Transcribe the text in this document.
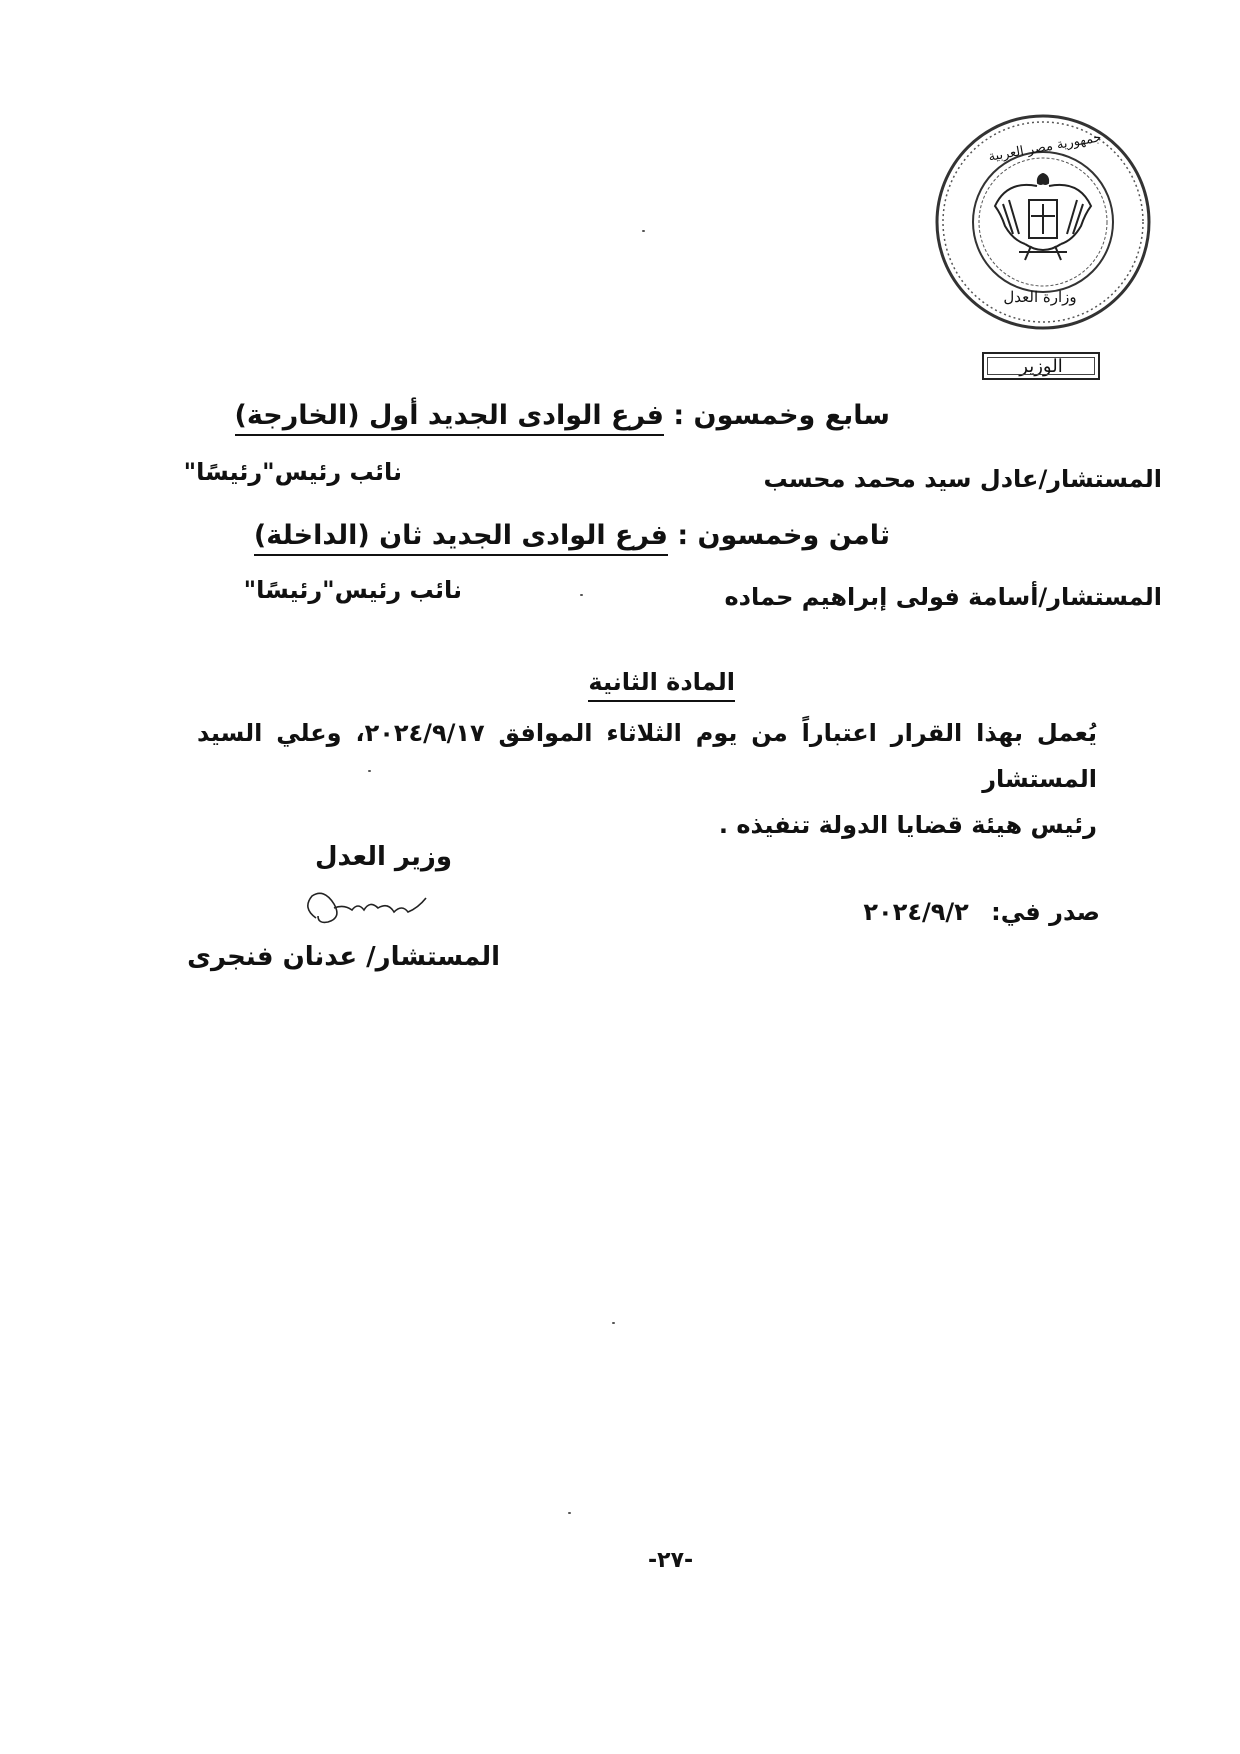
جمهورية مصر العربية
وزارة العدل
الوزير
سابع وخمسون : فرع الوادى الجديد أول (الخارجة)
المستشار/عادل سيد محمد محسب
نائب رئيس"رئيسًا"
ثامن وخمسون : فرع الوادى الجديد ثان (الداخلة)
المستشار/أسامة فولى إبراهيم حماده
نائب رئيس"رئيسًا"
المادة الثانية
يُعمل بهذا القرار اعتباراً من يوم الثلاثاء الموافق ٢٠٢٤/٩/١٧، وعلي السيد المستشار
رئيس هيئة قضايا الدولة تنفيذه .
صدر في: ٢٠٢٤/٩/٢
وزير العدل
المستشار/ عدنان فنجرى
-٢٧-
